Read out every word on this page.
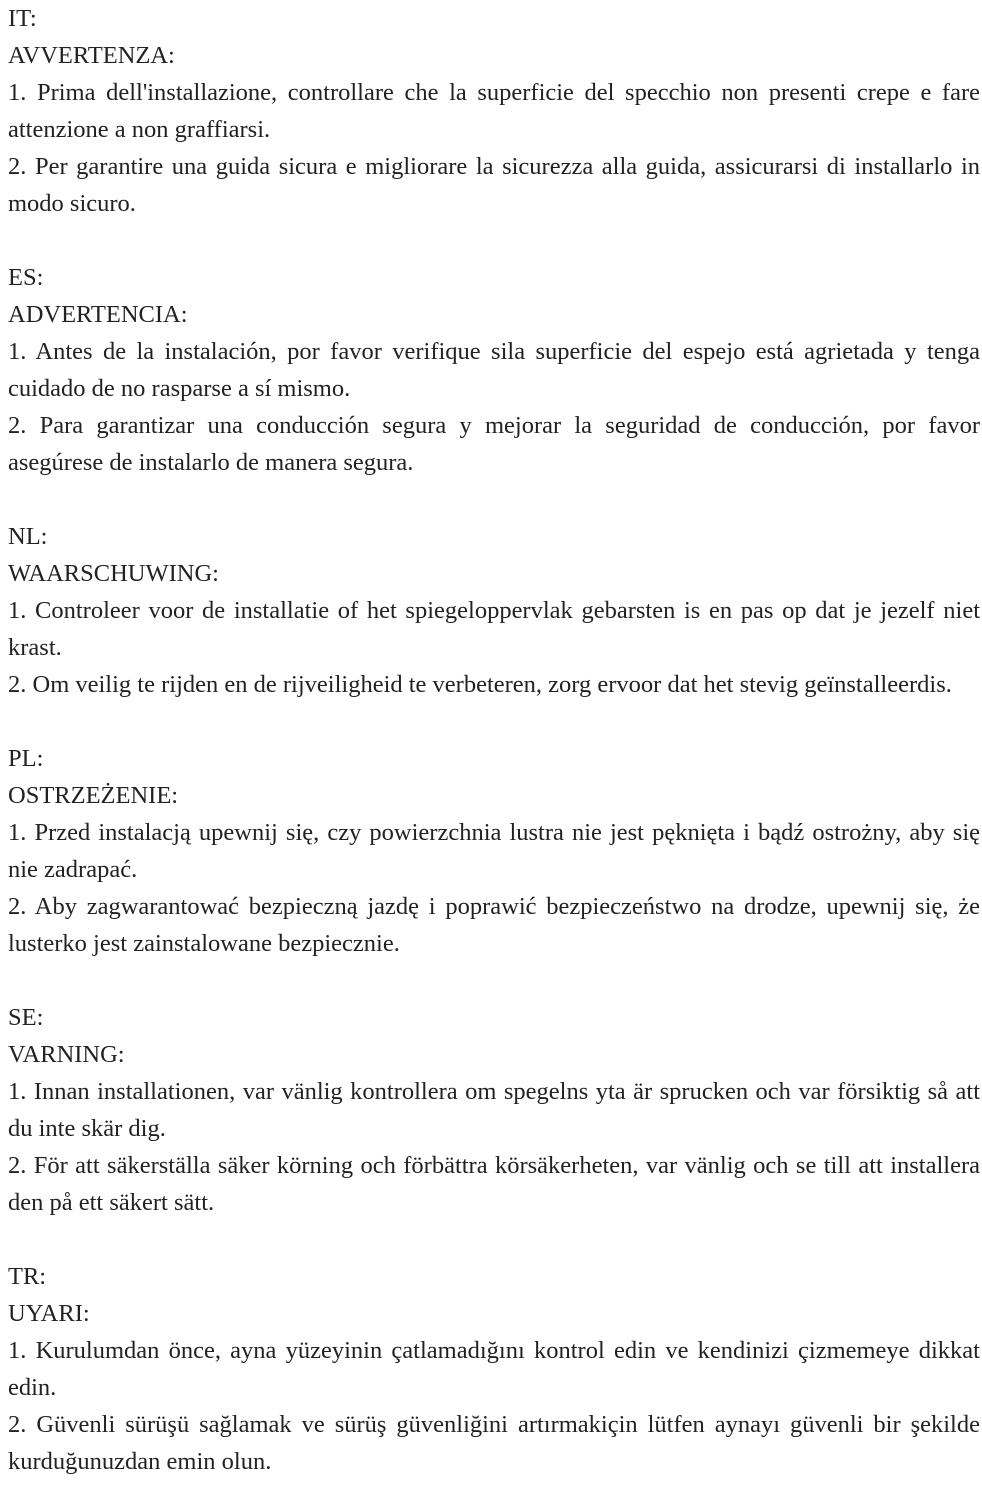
IT:
AVVERTENZA:
1. Prima dell'installazione, controllare che la superficie del specchio non presenti crepe e fare attenzione a non graffiarsi.
2. Per garantire una guida sicura e migliorare la sicurezza alla guida, assicurarsi di installarlo in modo sicuro.
ES:
ADVERTENCIA:
1. Antes de la instalación, por favor verifique sila superficie del espejo está agrietada y tenga cuidado de no rasparse a sí mismo.
2. Para garantizar una conducción segura y mejorar la seguridad de conducción, por favor asegúrese de instalarlo de manera segura.
NL:
WAARSCHUWING:
1. Controleer voor de installatie of het spiegeloppervlak gebarsten is en pas op dat je jezelf niet krast.
2. Om veilig te rijden en de rijveiligheid te verbeteren, zorg ervoor dat het stevig geïnstalleerdis.
PL:
OSTRZEŻENIE:
1. Przed instalacją upewnij się, czy powierzchnia lustra nie jest pęknięta i bądź ostrożny, aby się nie zadrapać.
2. Aby zagwarantować bezpieczną jazdę i poprawić bezpieczeństwo na drodze, upewnij się, że lusterko jest zainstalowane bezpiecznie.
SE:
VARNING:
1. Innan installationen, var vänlig kontrollera om spegelns yta är sprucken och var försiktig så att du inte skär dig.
2. För att säkerställa säker körning och förbättra körsäkerheten, var vänlig och se till att installera den på ett säkert sätt.
TR:
UYARI:
1. Kurulumdan önce, ayna yüzeyinin çatlamadığını kontrol edin ve kendinizi çizmemeye dikkat edin.
2. Güvenli sürüşü sağlamak ve sürüş güvenliğini artırmakiçin lütfen aynayı güvenli bir şekilde kurduğunuzdan emin olun.
